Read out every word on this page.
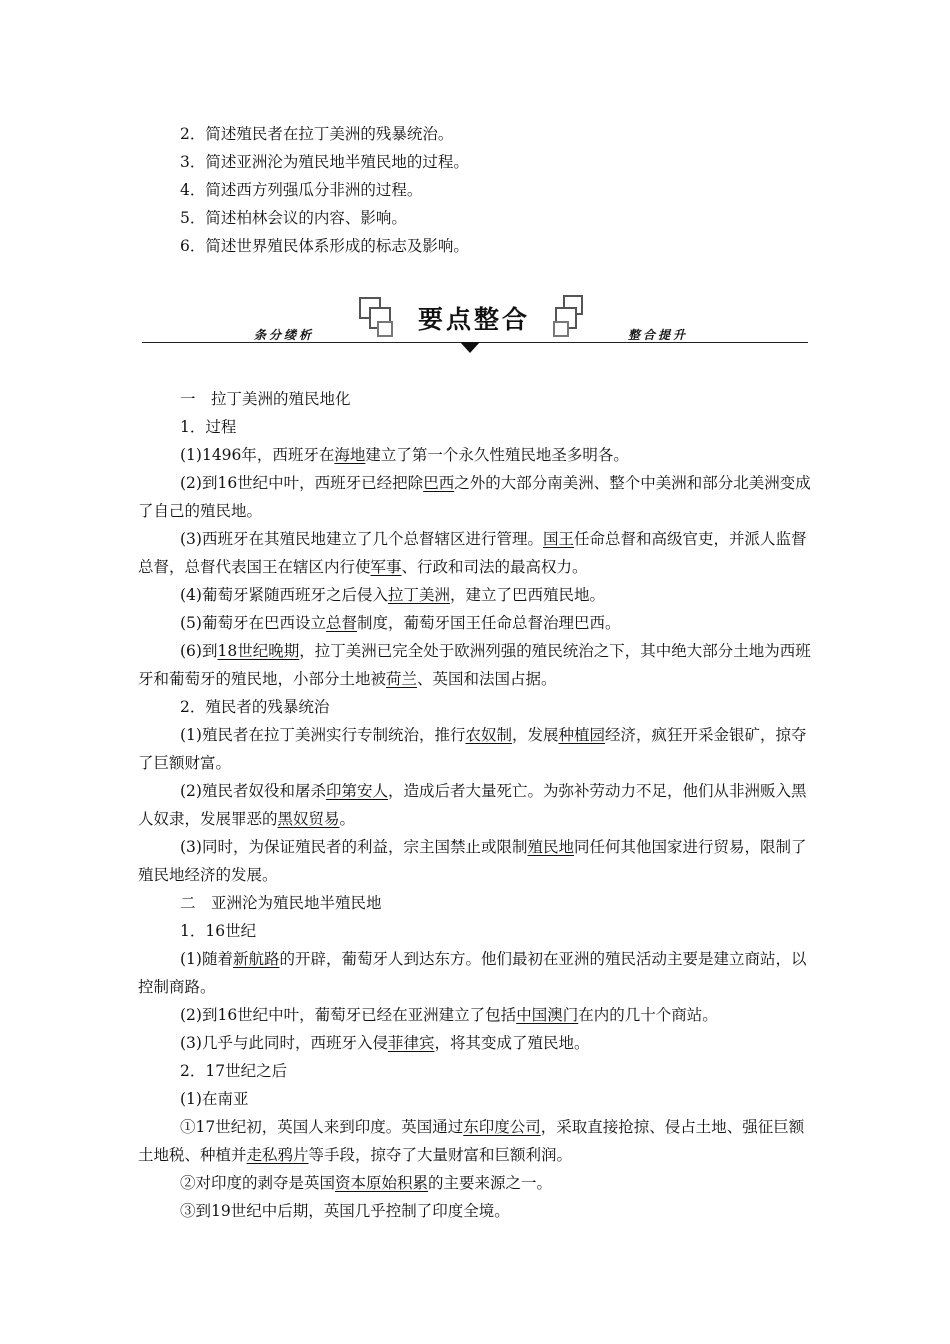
2．简述殖民者在拉丁美洲的残暴统治。
3．简述亚洲沦为殖民地半殖民地的过程。
4．简述西方列强瓜分非洲的过程。
5．简述柏林会议的内容、影响。
6．简述世界殖民体系形成的标志及影响。
条分缕析	整合提升
要点整合
一　拉丁美洲的殖民地化
1．过程
(1)1496年，西班牙在海地建立了第一个永久性殖民地圣多明各。
(2)到16世纪中叶，西班牙已经把除巴西之外的大部分南美洲、整个中美洲和部分北美洲变成了自己的殖民地。
(3)西班牙在其殖民地建立了几个总督辖区进行管理。国王任命总督和高级官吏，并派人监督总督，总督代表国王在辖区内行使军事、行政和司法的最高权力。
(4)葡萄牙紧随西班牙之后侵入拉丁美洲，建立了巴西殖民地。
(5)葡萄牙在巴西设立总督制度，葡萄牙国王任命总督治理巴西。
(6)到18世纪晚期，拉丁美洲已完全处于欧洲列强的殖民统治之下，其中绝大部分土地为西班牙和葡萄牙的殖民地，小部分土地被荷兰、英国和法国占据。
2．殖民者的残暴统治
(1)殖民者在拉丁美洲实行专制统治，推行农奴制，发展种植园经济，疯狂开采金银矿，掠夺了巨额财富。
(2)殖民者奴役和屠杀印第安人，造成后者大量死亡。为弥补劳动力不足，他们从非洲贩入黑人奴隶，发展罪恶的黑奴贸易。
(3)同时，为保证殖民者的利益，宗主国禁止或限制殖民地同任何其他国家进行贸易，限制了殖民地经济的发展。
二　亚洲沦为殖民地半殖民地
1．16世纪
(1)随着新航路的开辟，葡萄牙人到达东方。他们最初在亚洲的殖民活动主要是建立商站，以控制商路。
(2)到16世纪中叶，葡萄牙已经在亚洲建立了包括中国澳门在内的几十个商站。
(3)几乎与此同时，西班牙入侵菲律宾，将其变成了殖民地。
2．17世纪之后
(1)在南亚
①17世纪初，英国人来到印度。英国通过东印度公司，采取直接抢掠、侵占土地、强征巨额土地税、种植并走私鸦片等手段，掠夺了大量财富和巨额利润。
②对印度的剥夺是英国资本原始积累的主要来源之一。
③到19世纪中后期，英国几乎控制了印度全境。
